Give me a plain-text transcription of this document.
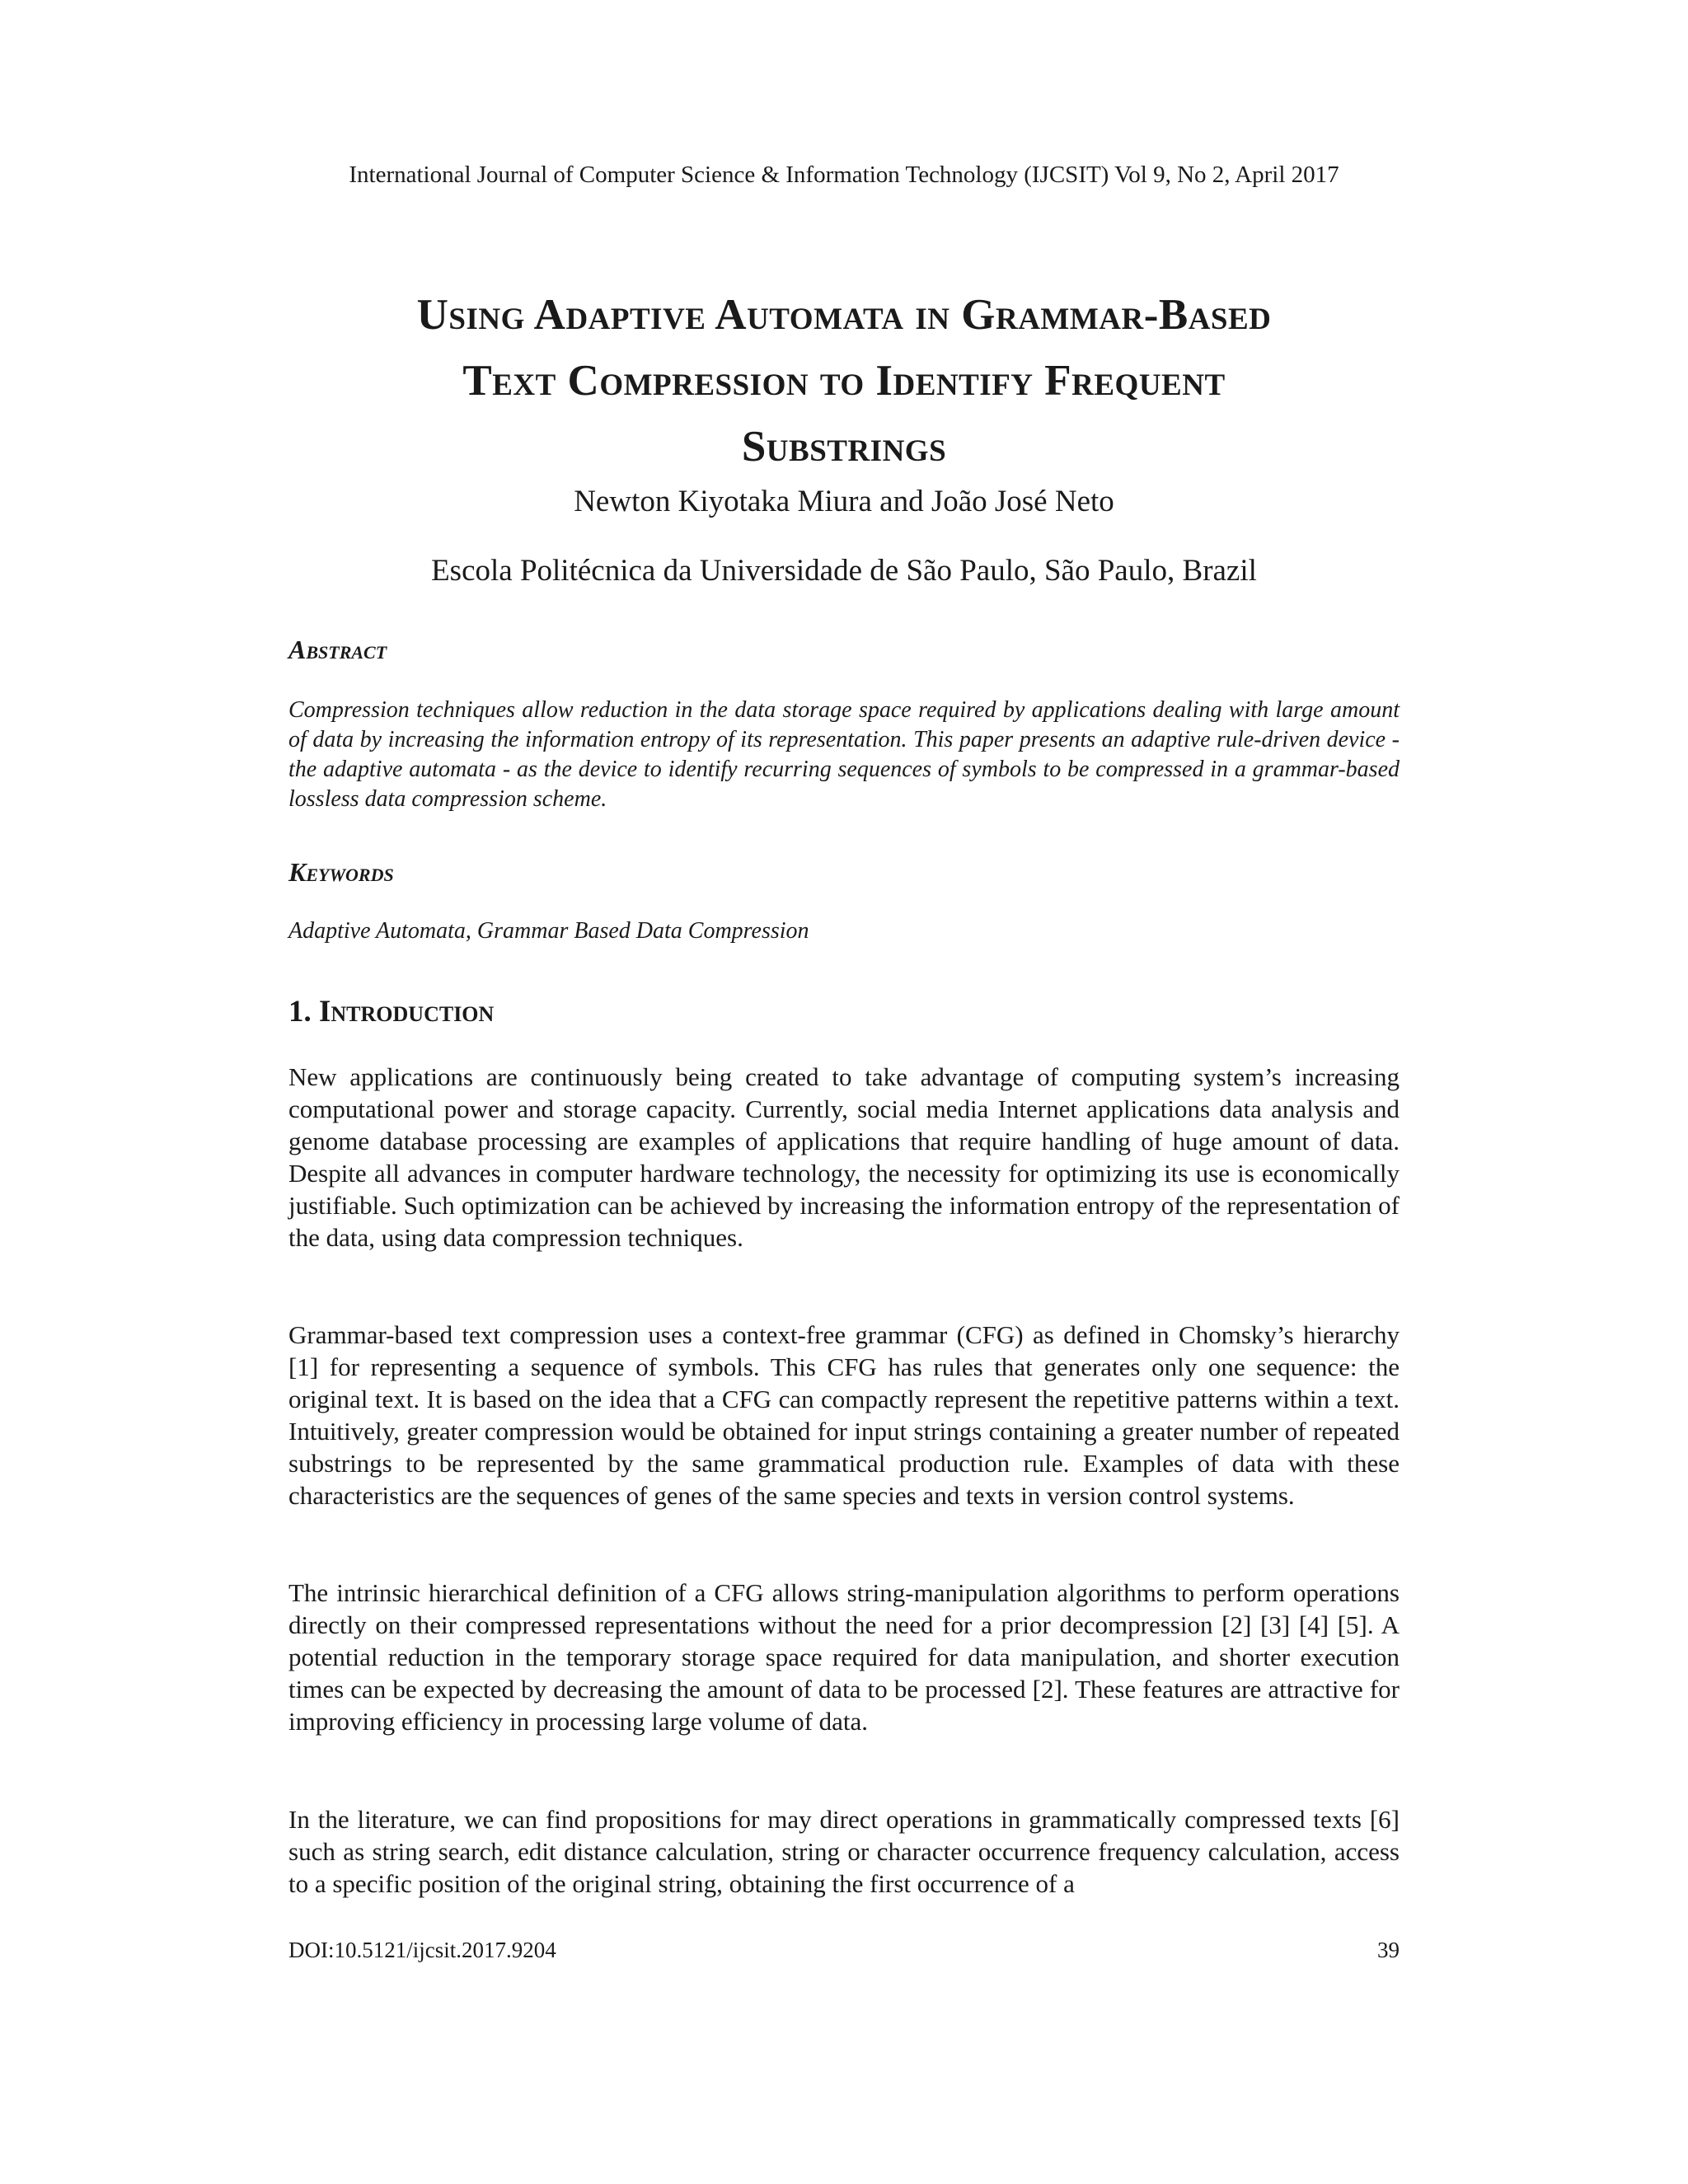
International Journal of Computer Science & Information Technology (IJCSIT) Vol 9, No 2, April 2017
Using Adaptive Automata in Grammar-Based
Text Compression to Identify Frequent
Substrings
Newton Kiyotaka Miura and João José Neto
Escola Politécnica da Universidade de São Paulo, São Paulo, Brazil
Abstract

Compression techniques allow reduction in the data storage space required by applications dealing with large amount of data by increasing the information entropy of its representation. This paper presents an adaptive rule-driven device - the adaptive automata - as the device to identify recurring sequences of symbols to be compressed in a grammar-based lossless data compression scheme.

Keywords

Adaptive Automata, Grammar Based Data Compression

1. Introduction

New applications are continuously being created to take advantage of computing system’s increasing computational power and storage capacity. Currently, social media Internet applications data analysis and genome database processing are examples of applications that require handling of huge amount of data. Despite all advances in computer hardware technology, the necessity for optimizing its use is economically justifiable. Such optimization can be achieved by increasing the information entropy of the representation of the data, using data compression techniques.

Grammar-based text compression uses a context-free grammar (CFG) as defined in Chomsky’s hierarchy [1] for representing a sequence of symbols. This CFG has rules that generates only one sequence: the original text. It is based on the idea that a CFG can compactly represent the repetitive patterns within a text. Intuitively, greater compression would be obtained for input strings containing a greater number of repeated substrings to be represented by the same grammatical production rule. Examples of data with these characteristics are the sequences of genes of the same species and texts in version control systems.

The intrinsic hierarchical definition of a CFG allows string-manipulation algorithms to perform operations directly on their compressed representations without the need for a prior decompression [2] [3] [4] [5]. A potential reduction in the temporary storage space required for data manipulation, and shorter execution times can be expected by decreasing the amount of data to be processed [2]. These features are attractive for improving efficiency in processing large volume of data.

In the literature, we can find propositions for may direct operations in grammatically compressed texts [6] such as string search, edit distance calculation, string or character occurrence frequency calculation, access to a specific position of the original string, obtaining the first occurrence of a

DOI:10.5121/ijcsit.2017.9204	39
